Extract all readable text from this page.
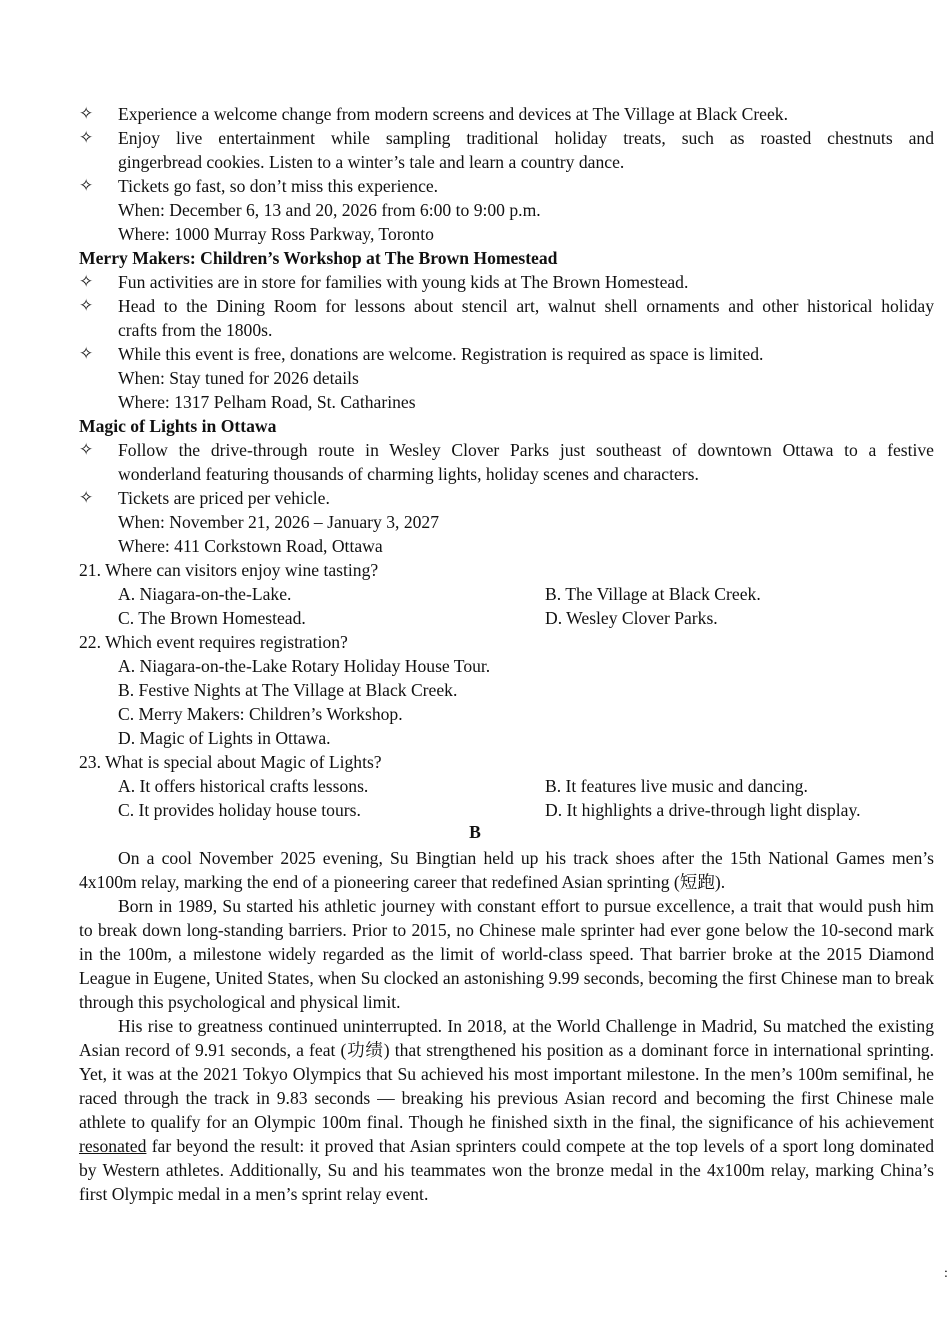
✧ Experience a welcome change from modern screens and devices at The Village at Black Creek.
✧ Enjoy live entertainment while sampling traditional holiday treats, such as roasted chestnuts and
gingerbread cookies. Listen to a winter’s tale and learn a country dance.
✧ Tickets go fast, so don’t miss this experience.
When: December 6, 13 and 20, 2026 from 6:00 to 9:00 p.m.
Where: 1000 Murray Ross Parkway, Toronto
Merry Makers: Children’s Workshop at The Brown Homestead
✧ Fun activities are in store for families with young kids at The Brown Homestead.
✧ Head to the Dining Room for lessons about stencil art, walnut shell ornaments and other historical holiday
crafts from the 1800s.
✧ While this event is free, donations are welcome. Registration is required as space is limited.
When: Stay tuned for 2026 details
Where: 1317 Pelham Road, St. Catharines
Magic of Lights in Ottawa
✧ Follow the drive-through route in Wesley Clover Parks just southeast of downtown Ottawa to a festive
wonderland featuring thousands of charming lights, holiday scenes and characters.
✧ Tickets are priced per vehicle.
When: November 21, 2026 – January 3, 2027
Where: 411 Corkstown Road, Ottawa
21. Where can visitors enjoy wine tasting?
A. Niagara-on-the-Lake.	B. The Village at Black Creek.
C. The Brown Homestead.	D. Wesley Clover Parks.
22. Which event requires registration?
A. Niagara-on-the-Lake Rotary Holiday House Tour.
B. Festive Nights at The Village at Black Creek.
C. Merry Makers: Children’s Workshop.
D. Magic of Lights in Ottawa.
23. What is special about Magic of Lights?
A. It offers historical crafts lessons.	B. It features live music and dancing.
C. It provides holiday house tours.	D. It highlights a drive-through light display.
B
On a cool November 2025 evening, Su Bingtian held up his track shoes after the 15th National Games men’s 4x100m relay, marking the end of a pioneering career that redefined Asian sprinting (短跑).
Born in 1989, Su started his athletic journey with constant effort to pursue excellence, a trait that would push him to break down long-standing barriers. Prior to 2015, no Chinese male sprinter had ever gone below the 10-second mark in the 100m, a milestone widely regarded as the limit of world-class speed. That barrier broke at the 2015 Diamond League in Eugene, United States, when Su clocked an astonishing 9.99 seconds, becoming the first Chinese man to break through this psychological and physical limit.
His rise to greatness continued uninterrupted. In 2018, at the World Challenge in Madrid, Su matched the existing Asian record of 9.91 seconds, a feat (功绩) that strengthened his position as a dominant force in international sprinting. Yet, it was at the 2021 Tokyo Olympics that Su achieved his most important milestone. In the men’s 100m semifinal, he raced through the track in 9.83 seconds — breaking his previous Asian record and becoming the first Chinese male athlete to qualify for an Olympic 100m final. Though he finished sixth in the final, the significance of his achievement resonated far beyond the result: it proved that Asian sprinters could compete at the top levels of a sport long dominated by Western athletes. Additionally, Su and his teammates won the bronze medal in the 4x100m relay, marking China’s first Olympic medal in a men’s sprint relay event.
:
